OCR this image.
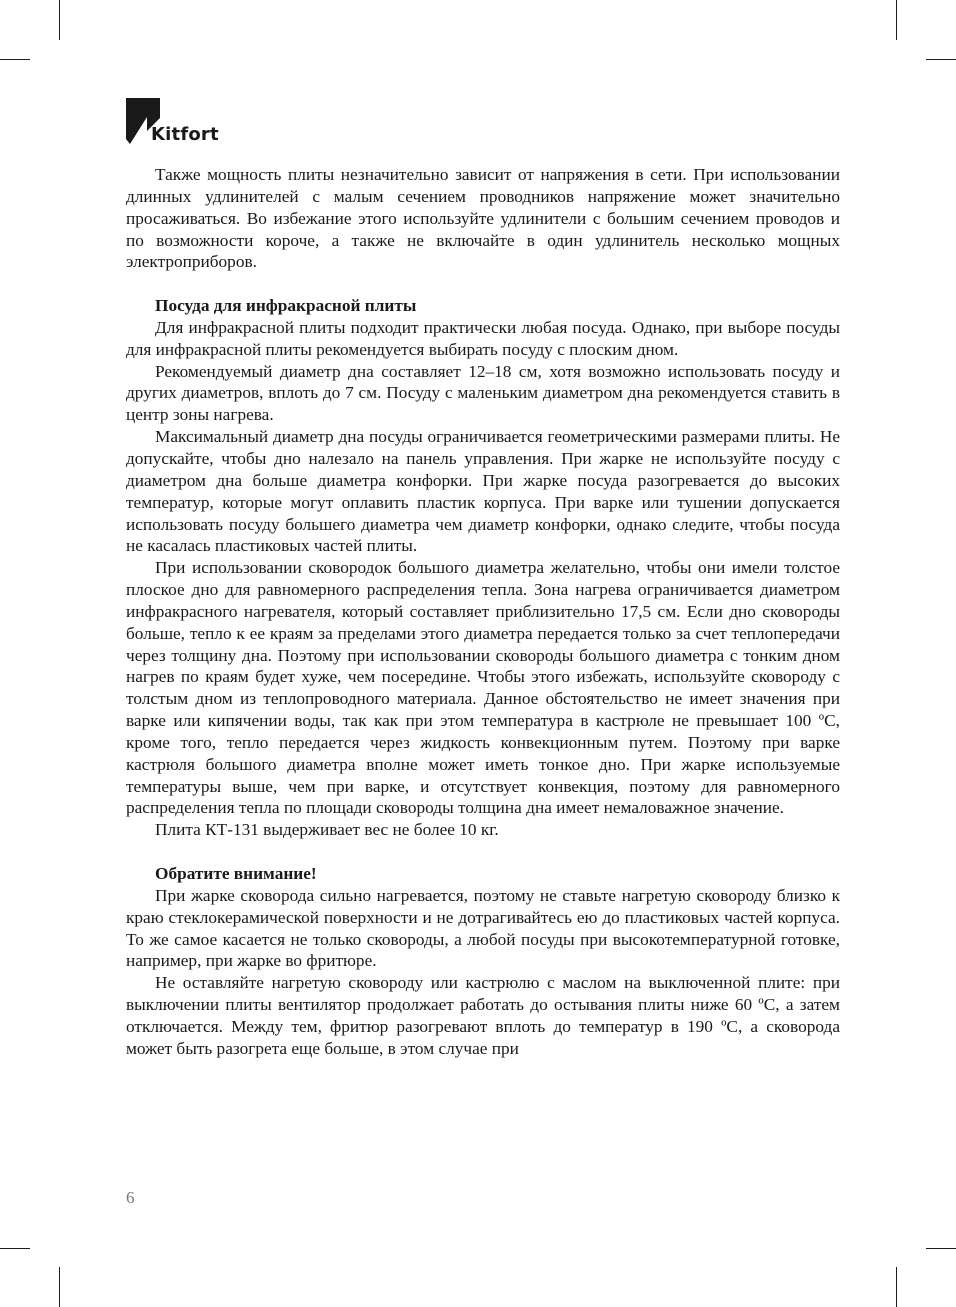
Kitfort

Также мощность плиты незначительно зависит от напряжения в сети. При использовании длинных удлинителей с малым сечением проводников напряжение может значительно просаживаться. Во избежание этого используйте удлинители с большим сечением проводов и по возможности короче, а также не включайте в один удлинитель несколько мощных электроприборов.

Посуда для инфракрасной плиты

Для инфракрасной плиты подходит практически любая посуда. Однако, при выборе посуды для инфракрасной плиты рекомендуется выбирать посуду с плоским дном.

Рекомендуемый диаметр дна составляет 12–18 см, хотя возможно использовать посуду и других диаметров, вплоть до 7 см. Посуду с маленьким диаметром дна рекомендуется ставить в центр зоны нагрева.

Максимальный диаметр дна посуды ограничивается геометрическими размерами плиты. Не допускайте, чтобы дно налезало на панель управления. При жарке не используйте посуду с диаметром дна больше диаметра конфорки. При жарке посуда разогревается до высоких температур, которые могут оплавить пластик корпуса. При варке или тушении допускается использовать посуду большего диаметра чем диаметр конфорки, однако следите, чтобы посуда не касалась пластиковых частей плиты.

При использовании сковородок большого диаметра желательно, чтобы они имели толстое плоское дно для равномерного распределения тепла. Зона нагрева ограничивается диаметром инфракрасного нагревателя, который составляет приблизительно 17,5 см. Если дно сковороды больше, тепло к ее краям за пределами этого диаметра передается только за счет теплопередачи через толщину дна. Поэтому при использовании сковороды большого диаметра с тонким дном нагрев по краям будет хуже, чем посередине. Чтобы этого избежать, используйте сковороду с толстым дном из теплопроводного материала. Данное обстоятельство не имеет значения при варке или кипячении воды, так как при этом температура в кастрюле не превышает 100 ºС, кроме того, тепло передается через жидкость конвекционным путем. Поэтому при варке кастрюля большого диаметра вполне может иметь тонкое дно. При жарке используемые температуры выше, чем при варке, и отсутствует конвекция, поэтому для равномерного распределения тепла по площади сковороды толщина дна имеет немаловажное значение.

Плита КТ-131 выдерживает вес не более 10 кг.

Обратите внимание!

При жарке сковорода сильно нагревается, поэтому не ставьте нагретую сковороду близко к краю стеклокерамической поверхности и не дотрагивайтесь ею до пластиковых частей корпуса. То же самое касается не только сковороды, а любой посуды при высокотемпературной готовке, например, при жарке во фритюре.

Не оставляйте нагретую сковороду или кастрюлю с маслом на выключенной плите: при выключении плиты вентилятор продолжает работать до остывания плиты ниже 60 ºС, а затем отключается. Между тем, фритюр разогревают вплоть до температур в 190 ºС, а сковорода может быть разогрета еще больше, в этом случае при

6
